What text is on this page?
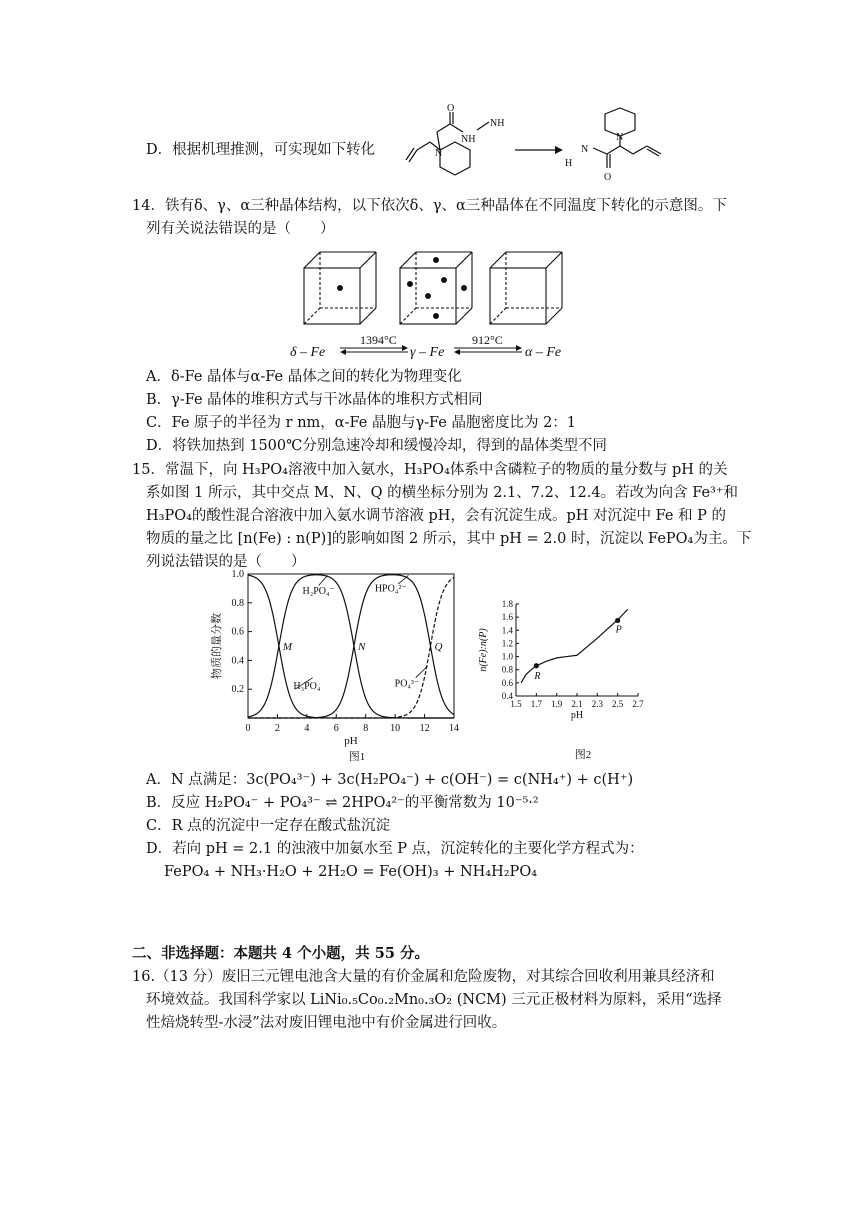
D．根据机理推测，可实现如下转化
O
NH
NH
N
N
O
N
H
14．铁有δ、γ、α三种晶体结构，以下依次δ、γ、α三种晶体在不同温度下转化的示意图。下
列有关说法错误的是（　　）
δ – Fe
1394°C
γ – Fe
912°C
α – Fe
A．δ-Fe 晶体与α-Fe 晶体之间的转化为物理变化
B．γ-Fe 晶体的堆积方式与干冰晶体的堆积方式相同
C．Fe 原子的半径为 r nm，α-Fe 晶胞与γ-Fe 晶胞密度比为 2：1
D．将铁加热到 1500℃分别急速冷却和缓慢冷却，得到的晶体类型不同
15．常温下，向 H₃PO₄溶液中加入氨水，H₃PO₄体系中含磷粒子的物质的量分数与 pH 的关
系如图 1 所示，其中交点 M、N、Q 的横坐标分别为 2.1、7.2、12.4。若改为向含 Fe³⁺和
H₃PO₄的酸性混合溶液中加入氨水调节溶液 pH，会有沉淀生成。pH 对沉淀中 Fe 和 P 的
物质的量之比 [n(Fe) : n(P)]的影响如图 2 所示，其中 pH = 2.0 时，沉淀以 FePO₄为主。下
列说法错误的是（　　）
0 2 4 6 8 10 12 14
0.2
0.4
0.6
0.8
1.0
pH
物质的量分数
图1
H₃PO₄
H₂PO₄⁻	HPO₄²⁻
PO₄³⁻
M	N	Q
1.5 1.7 1.9 2.1 2.3 2.5 2.7
0.4
0.6
0.8
1.0
1.2
1.4
1.6
1.8
pH
n(Fe):n(P)
图2
R
P
A．N 点满足：3c(PO₄³⁻) + 3c(H₂PO₄⁻) + c(OH⁻) = c(NH₄⁺) + c(H⁺)
B．反应 H₂PO₄⁻ + PO₄³⁻ ⇌ 2HPO₄²⁻的平衡常数为 10⁻⁵·²
C．R 点的沉淀中一定存在酸式盐沉淀
D．若向 pH = 2.1 的浊液中加氨水至 P 点，沉淀转化的主要化学方程式为：
FePO₄ + NH₃·H₂O + 2H₂O = Fe(OH)₃ + NH₄H₂PO₄
二、非选择题：本题共 4 个小题，共 55 分。
16.（13 分）废旧三元锂电池含大量的有价金属和危险废物，对其综合回收利用兼具经济和
环境效益。我国科学家以 LiNi₀.₅Co₀.₂Mn₀.₃O₂ (NCM) 三元正极材料为原料，采用“选择
性焙烧转型-水浸”法对废旧锂电池中有价金属进行回收。
